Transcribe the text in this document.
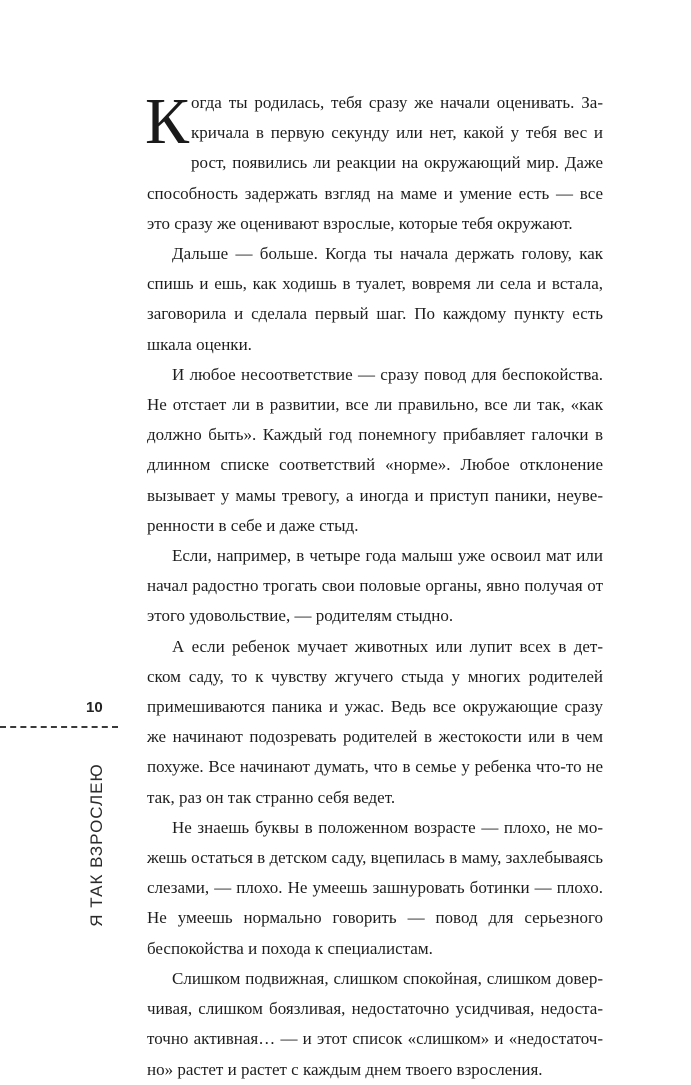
Когда ты родилась, тебя сразу же начали оценивать. Закричала в первую секунду или нет, какой у тебя вес и рост, появились ли реакции на окружающий мир. Даже способность задержать взгляд на маме и умение есть — все это сразу же оценивают взрослые, которые тебя окружают.

Дальше — больше. Когда ты начала держать голову, как спишь и ешь, как ходишь в туалет, вовремя ли села и встала, заговорила и сделала первый шаг. По каждому пункту есть шкала оценки.

И любое несоответствие — сразу повод для беспокойства. Не отстает ли в развитии, все ли правильно, все ли так, «как должно быть». Каждый год понемногу прибавляет галочки в длинном списке соответствий «норме». Любое отклонение вызывает у мамы тревогу, а иногда и приступ паники, неуверенности в себе и даже стыд.

Если, например, в четыре года малыш уже освоил мат или начал радостно трогать свои половые органы, явно получая от этого удовольствие, — родителям стыдно.

А если ребенок мучает животных или лупит всех в детском саду, то к чувству жгучего стыда у многих родителей примешиваются паника и ужас. Ведь все окружающие сразу же начинают подозревать родителей в жестокости или в чем похуже. Все начинают думать, что в семье у ребенка что-то не так, раз он так странно себя ведет.

Не знаешь буквы в положенном возрасте — плохо, не можешь остаться в детском саду, вцепилась в маму, захлебываясь слезами, — плохо. Не умеешь зашнуровать ботинки — плохо. Не умеешь нормально говорить — повод для серьезного беспокойства и похода к специалистам.

Слишком подвижная, слишком спокойная, слишком доверчивая, слишком боязливая, недостаточно усидчивая, недостаточно активная… — и этот список «слишком» и «недостаточно» растет и растет с каждым днем твоего взросления.

10
Я ТАК ВЗРОСЛЕЮ
